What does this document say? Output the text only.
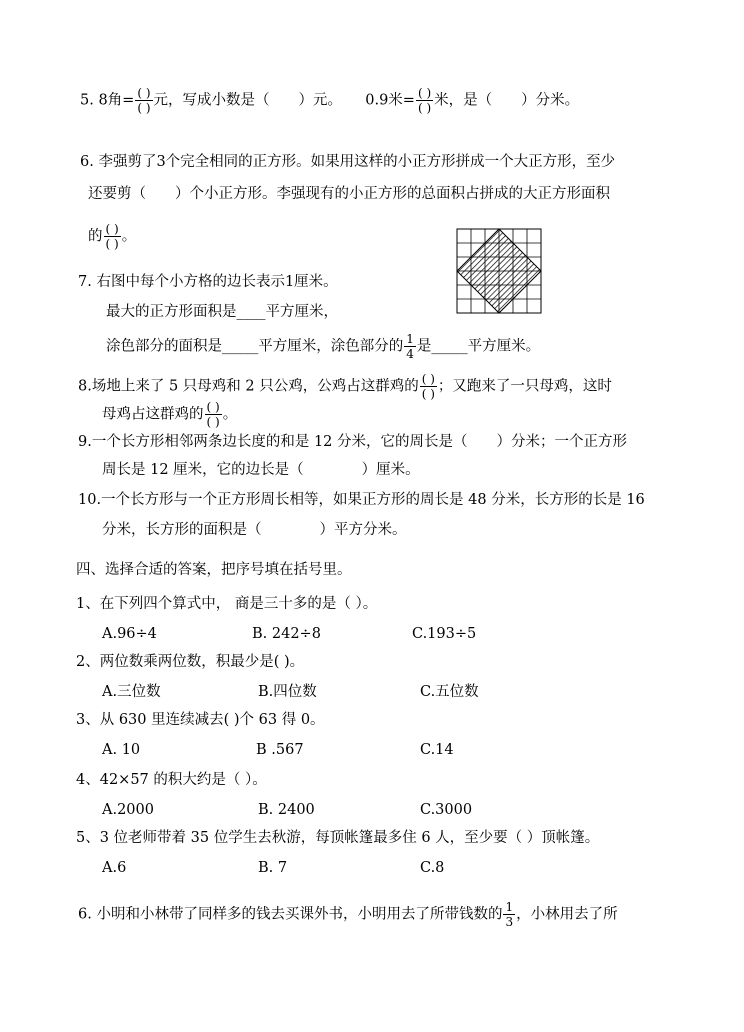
5. 8角= $\frac{( )}{( )}$ 元，写成小数是（　　）元。 0.9米= $\frac{( )}{( )}$ 米，是（　　）分米。
6. 李强剪了3个完全相同的正方形。如果用这样的小正方形拼成一个大正方形，至少
还要剪（　　）个小正方形。李强现有的小正方形的总面积占拼成的大正方形面积
的 $\frac{( )}{( )}$ 。
7. 右图中每个小方格的边长表示1厘米。
最大的正方形面积是____平方厘米，
涂色部分的面积是_____平方厘米，涂色部分的 $\frac{1}{4}$ 是_____平方厘米。
8.场地上来了 5 只母鸡和 2 只公鸡，公鸡占这群鸡的 $\frac{( )}{( )}$ ；又跑来了一只母鸡，这时
母鸡占这群鸡的 $\frac{( )}{( )}$ 。
9.一个长方形相邻两条边长度的和是 12 分米，它的周长是（　　）分米；一个正方形
周长是 12 厘米，它的边长是（　　　　）厘米。
10.一个长方形与一个正方形周长相等，如果正方形的周长是 48 分米，长方形的长是 16
分米，长方形的面积是（　　　　）平方分米。
四、选择合适的答案，把序号填在括号里。
1、在下列四个算式中， 商是三十多的是（ ）。
A.96÷4	B. 242÷8	C.193÷5
2、两位数乘两位数，积最少是( )。
A.三位数	B.四位数	C.五位数
3、从 630 里连续减去( )个 63 得 0。
A. 10	B .567	C.14
4、42×57 的积大约是（ ）。
A.2000	B. 2400	C.3000
5、3 位老师带着 35 位学生去秋游，每顶帐篷最多住 6 人，至少要（ ）顶帐篷。
A.6	B. 7	C.8
6. 小明和小林带了同样多的钱去买课外书，小明用去了所带钱数的 $\frac{1}{3}$ ，小林用去了所
